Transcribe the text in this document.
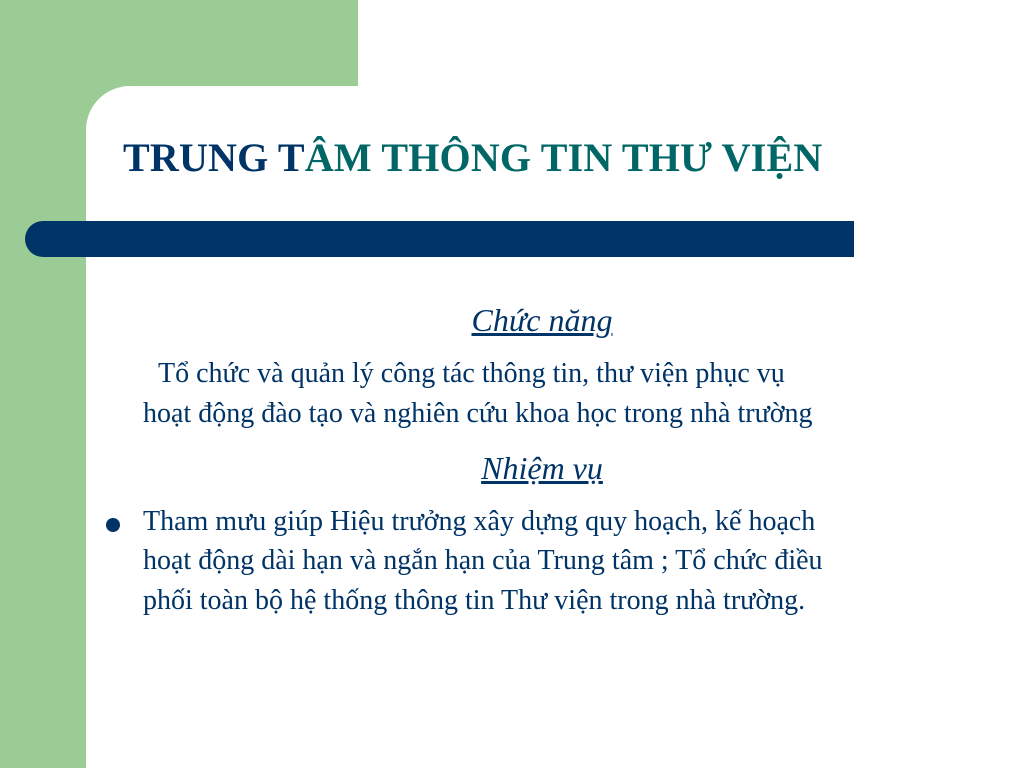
TRUNG TÂM THÔNG TIN THƯ VIỆN
Chức năng
Tổ chức và quản lý công tác thông tin, thư viện phục vụ
hoạt động đào tạo và nghiên cứu khoa học trong nhà trường
Nhiệm vụ
Tham mưu giúp Hiệu trưởng xây dựng quy hoạch, kế hoạch
hoạt động dài hạn và ngắn hạn của Trung tâm ; Tổ chức điều
phối toàn bộ hệ thống thông tin Thư viện trong nhà trường.
